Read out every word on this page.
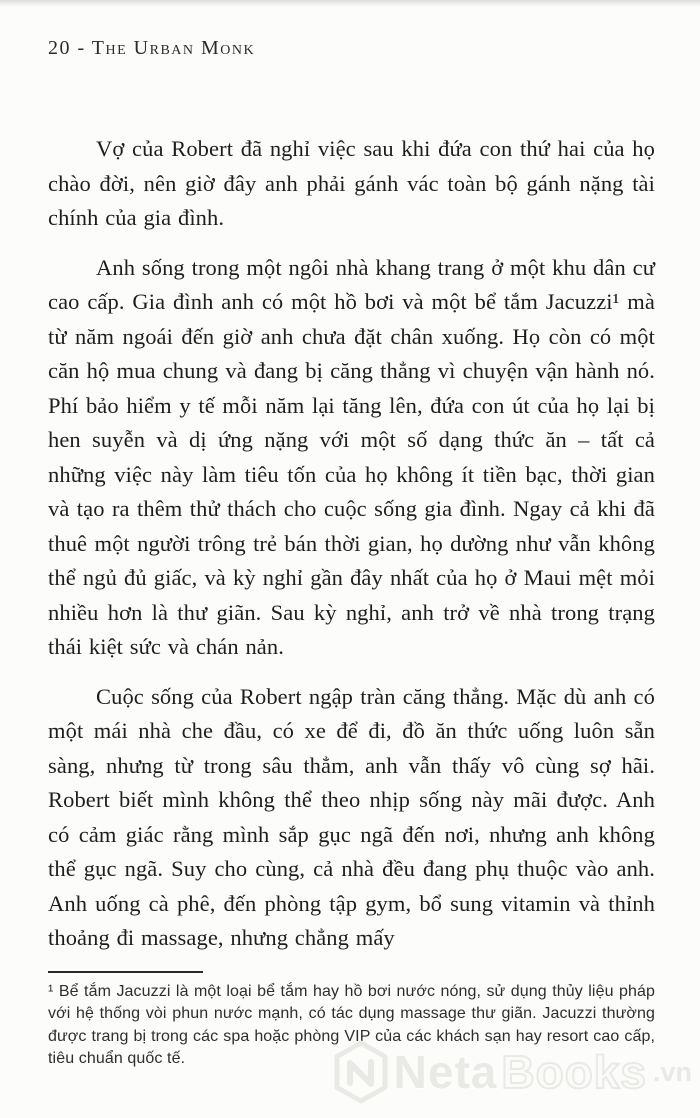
20 - The Urban Monk

Vợ của Robert đã nghỉ việc sau khi đứa con thứ hai của họ chào đời, nên giờ đây anh phải gánh vác toàn bộ gánh nặng tài chính của gia đình.

Anh sống trong một ngôi nhà khang trang ở một khu dân cư cao cấp. Gia đình anh có một hồ bơi và một bể tắm Jacuzzi¹ mà từ năm ngoái đến giờ anh chưa đặt chân xuống. Họ còn có một căn hộ mua chung và đang bị căng thẳng vì chuyện vận hành nó. Phí bảo hiểm y tế mỗi năm lại tăng lên, đứa con út của họ lại bị hen suyễn và dị ứng nặng với một số dạng thức ăn – tất cả những việc này làm tiêu tốn của họ không ít tiền bạc, thời gian và tạo ra thêm thử thách cho cuộc sống gia đình. Ngay cả khi đã thuê một người trông trẻ bán thời gian, họ dường như vẫn không thể ngủ đủ giấc, và kỳ nghỉ gần đây nhất của họ ở Maui mệt mỏi nhiều hơn là thư giãn. Sau kỳ nghỉ, anh trở về nhà trong trạng thái kiệt sức và chán nản.

Cuộc sống của Robert ngập tràn căng thẳng. Mặc dù anh có một mái nhà che đầu, có xe để đi, đồ ăn thức uống luôn sẵn sàng, nhưng từ trong sâu thẳm, anh vẫn thấy vô cùng sợ hãi. Robert biết mình không thể theo nhịp sống này mãi được. Anh có cảm giác rằng mình sắp gục ngã đến nơi, nhưng anh không thể gục ngã. Suy cho cùng, cả nhà đều đang phụ thuộc vào anh. Anh uống cà phê, đến phòng tập gym, bổ sung vitamin và thỉnh thoảng đi massage, nhưng chẳng mấy

¹ Bể tắm Jacuzzi là một loại bể tắm hay hồ bơi nước nóng, sử dụng thủy liệu pháp với hệ thống vòi phun nước mạnh, có tác dụng massage thư giãn. Jacuzzi thường được trang bị trong các spa hoặc phòng VIP của các khách sạn hay resort cao cấp, tiêu chuẩn quốc tế.	Neta Books .vn
